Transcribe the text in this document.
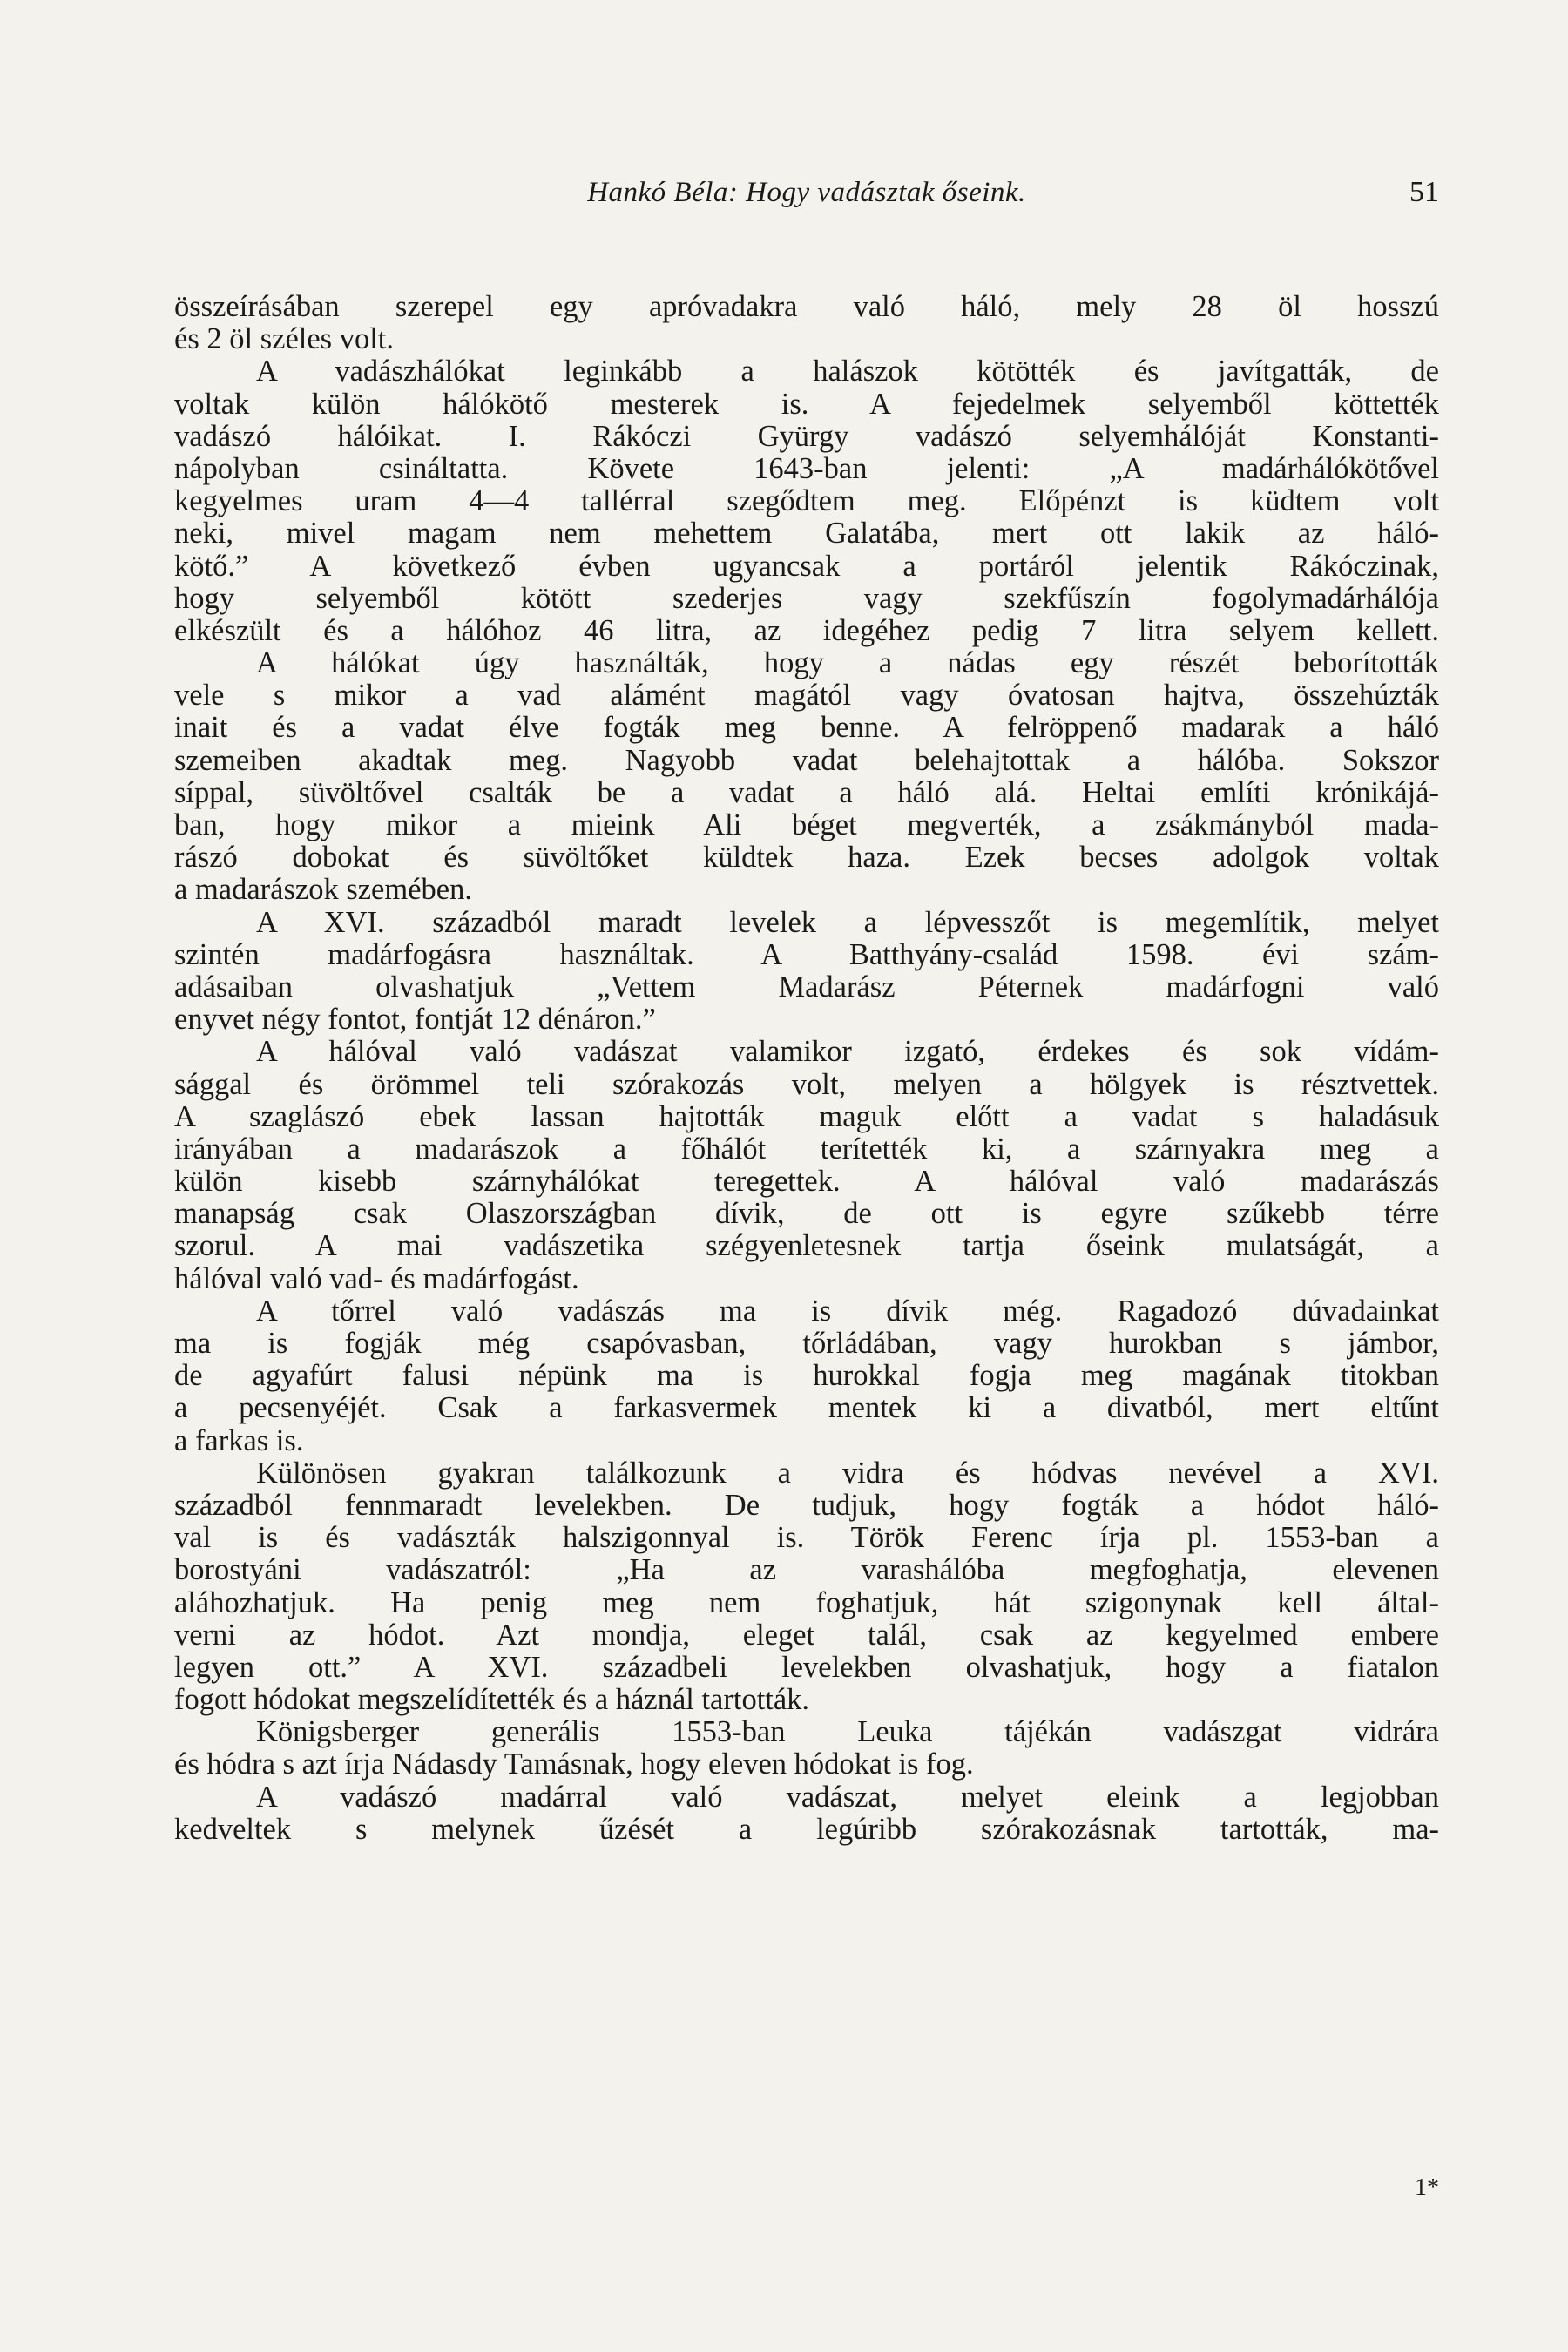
Hankó Béla: Hogy vadásztak őseink.	51
összeírásában szerepel egy apróvadakra való háló, mely 28 öl hosszú
és 2 öl széles volt.
A vadászhálókat leginkább a halászok kötötték és javítgatták, de
voltak külön hálókötő mesterek is. A fejedelmek selyemből köttették
vadászó hálóikat. I. Rákóczi Gyürgy vadászó selyemhálóját Konstanti-
nápolyban csináltatta. Követe 1643-ban jelenti: „A madárhálókötővel
kegyelmes uram 4—4 tallérral szegődtem meg. Előpénzt is küdtem volt
neki, mivel magam nem mehettem Galatába, mert ott lakik az háló-
kötő.” A következő évben ugyancsak a portáról jelentik Rákóczinak,
hogy selyemből kötött szederjes vagy szekfűszín fogolymadárhálója
elkészült és a hálóhoz 46 litra, az idegéhez pedig 7 litra selyem kellett.
A hálókat úgy használták, hogy a nádas egy részét beborították
vele s mikor a vad alámént magától vagy óvatosan hajtva, összehúzták
inait és a vadat élve fogták meg benne. A felröppenő madarak a háló
szemeiben akadtak meg. Nagyobb vadat belehajtottak a hálóba. Sokszor
síppal, süvöltővel csalták be a vadat a háló alá. Heltai említi krónikájá-
ban, hogy mikor a mieink Ali béget megverték, a zsákmányból mada-
rászó dobokat és süvöltőket küldtek haza. Ezek becses adolgok voltak
a madarászok szemében.
A XVI. századból maradt levelek a lépvesszőt is megemlítik, melyet
szintén madárfogásra használtak. A Batthyány-család 1598. évi szám-
adásaiban olvashatjuk „Vettem Madarász Péternek madárfogni való
enyvet négy fontot, fontját 12 dénáron.”
A hálóval való vadászat valamikor izgató, érdekes és sok vídám-
sággal és örömmel teli szórakozás volt, melyen a hölgyek is résztvettek.
A szaglászó ebek lassan hajtották maguk előtt a vadat s haladásuk
irányában a madarászok a főhálót terítették ki, a szárnyakra meg a
külön kisebb szárnyhálókat teregettek. A hálóval való madarászás
manapság csak Olaszországban dívik, de ott is egyre szűkebb térre
szorul. A mai vadászetika szégyenletesnek tartja őseink mulatságát, a
hálóval való vad- és madárfogást.
A tőrrel való vadászás ma is dívik még. Ragadozó dúvadainkat
ma is fogják még csapóvasban, tőrládában, vagy hurokban s jámbor,
de agyafúrt falusi népünk ma is hurokkal fogja meg magának titokban
a pecsenyéjét. Csak a farkasvermek mentek ki a divatból, mert eltűnt
a farkas is.
Különösen gyakran találkozunk a vidra és hódvas nevével a XVI.
századból fennmaradt levelekben. De tudjuk, hogy fogták a hódot háló-
val is és vadászták halszigonnyal is. Török Ferenc írja pl. 1553-ban a
borostyáni vadászatról: „Ha az varashálóba megfoghatja, elevenen
aláhozhatjuk. Ha penig meg nem foghatjuk, hát szigonynak kell által-
verni az hódot. Azt mondja, eleget talál, csak az kegyelmed embere
legyen ott.” A XVI. századbeli levelekben olvashatjuk, hogy a fiatalon
fogott hódokat megszelídítették és a háznál tartották.
Königsberger generális 1553-ban Leuka tájékán vadászgat vidrára
és hódra s azt írja Nádasdy Tamásnak, hogy eleven hódokat is fog.
A vadászó madárral való vadászat, melyet eleink a legjobban
kedveltek s melynek űzését a legúribb szórakozásnak tartották, ma-
1*
